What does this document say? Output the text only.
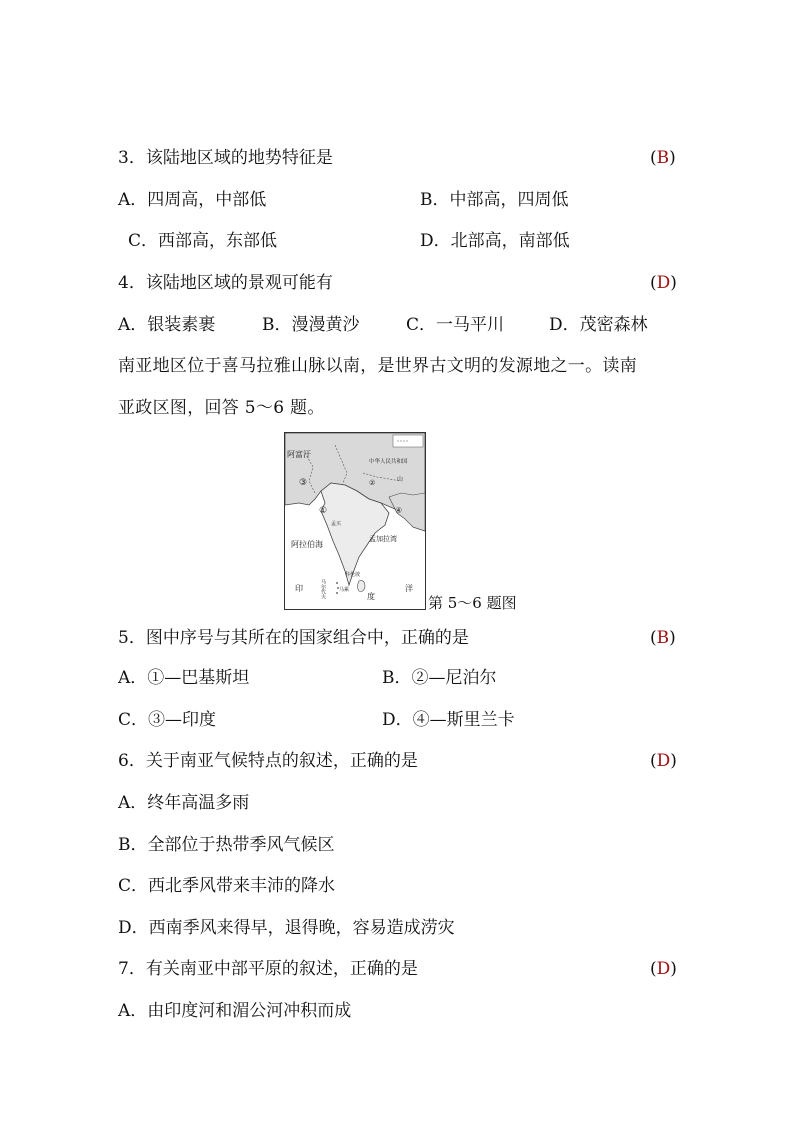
3．该陆地区域的地势特征是	(B)
A．四周高，中部低	B．中部高，四周低
C．西部高，东部低	D．北部高，南部低
4．该陆地区域的景观可能有	(D)
A．银装素裹	B．漫漫黄沙	C．一马平川	D．茂密森林
南亚地区位于喜马拉雅山脉以南，是世界古文明的发源地之一。读南
亚政区图，回答 5～6 题。
阿富汗
中华人民共和国
山
①
②
③
④
孟买
阿拉伯海
孟加拉湾
科伦坡
马累
马尔代夫
印
度
洋
第 5～6 题图
5．图中序号与其所在的国家组合中，正确的是	(B)
A．①—巴基斯坦	B．②—尼泊尔
C．③—印度	D．④—斯里兰卡
6．关于南亚气候特点的叙述，正确的是	(D)
A．终年高温多雨
B．全部位于热带季风气候区
C．西北季风带来丰沛的降水
D．西南季风来得早，退得晚，容易造成涝灾
7．有关南亚中部平原的叙述，正确的是	(D)
A．由印度河和湄公河冲积而成
